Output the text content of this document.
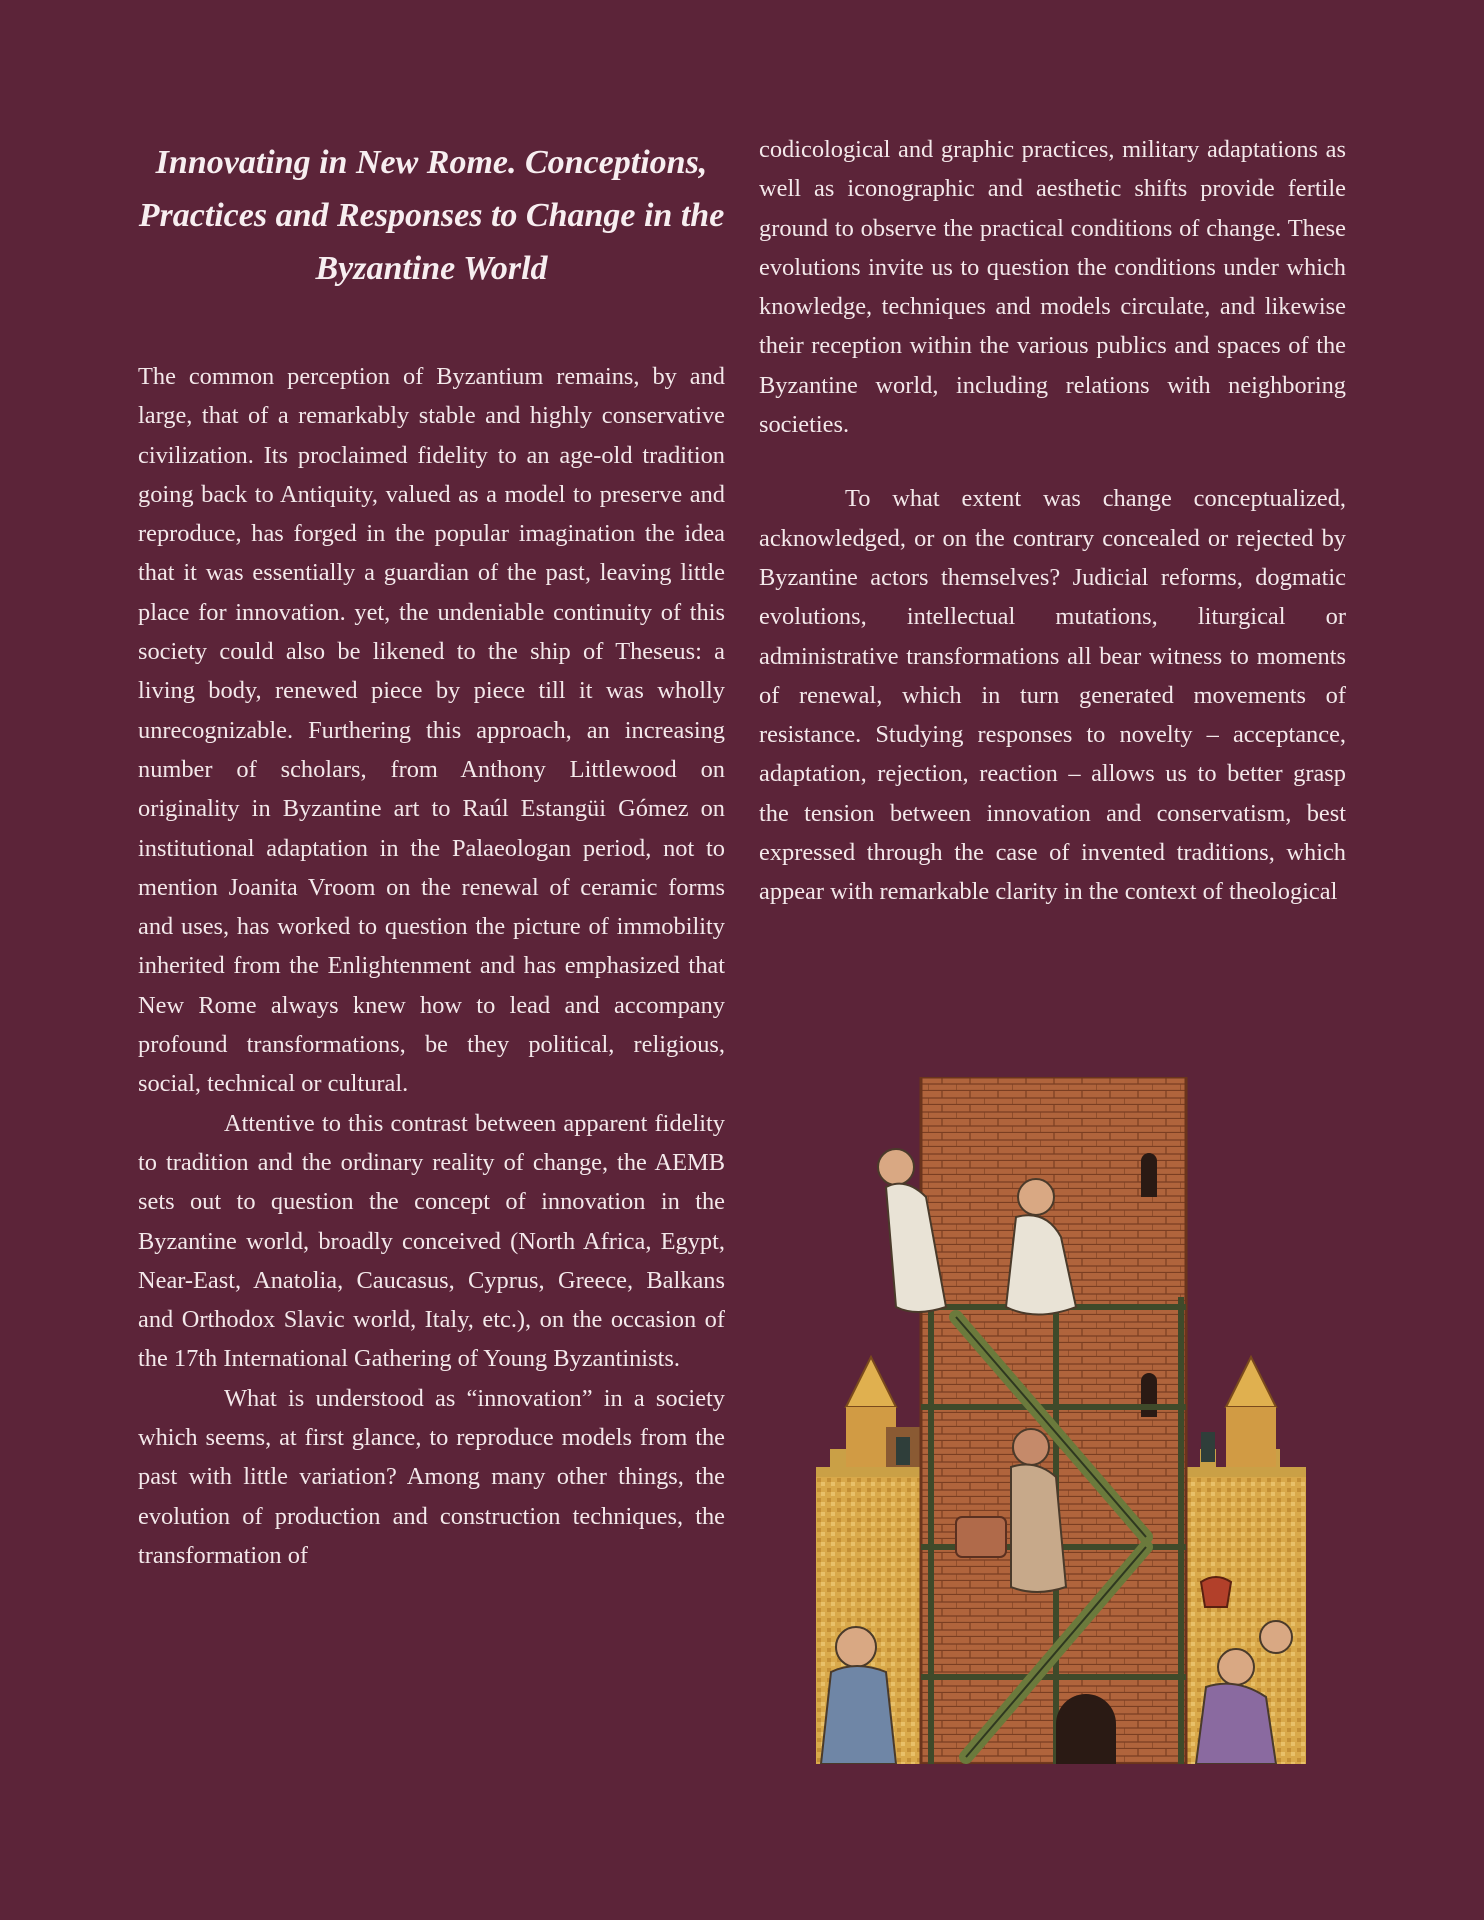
Innovating in New Rome. Conceptions, Practices and Responses to Change in the Byzantine World

The common perception of Byzantium remains, by and large, that of a remarkably stable and highly conservative civilization. Its proclaimed fidelity to an age-old tradition going back to Antiquity, valued as a model to preserve and reproduce, has forged in the popular imagination the idea that it was essentially a guardian of the past, leaving little place for innovation. yet, the undeniable continuity of this society could also be likened to the ship of Theseus: a living body, renewed piece by piece till it was wholly unrecognizable. Furthering this approach, an increasing number of scholars, from Anthony Littlewood on originality in Byzantine art to Raúl Estangüi Gómez on institutional adaptation in the Palaeologan period, not to mention Joanita Vroom on the renewal of ceramic forms and uses, has worked to question the picture of immobility inherited from the Enlightenment and has emphasized that New Rome always knew how to lead and accompany profound transformations, be they political, religious, social, technical or cultural.

Attentive to this contrast between apparent fidelity to tradition and the ordinary reality of change, the AEMB sets out to question the concept of innovation in the Byzantine world, broadly conceived (North Africa, Egypt, Near-East, Anatolia, Caucasus, Cyprus, Greece, Balkans and Orthodox Slavic world, Italy, etc.), on the occasion of the 17th International Gathering of Young Byzantinists.

What is understood as “innovation” in a society which seems, at first glance, to reproduce models from the past with little variation? Among many other things, the evolution of production and construction techniques, the transformation of

codicological and graphic practices, military adaptations as well as iconographic and aesthetic shifts provide fertile ground to observe the practical conditions of change. These evolutions invite us to question the conditions under which knowledge, techniques and models circulate, and likewise their reception within the various publics and spaces of the Byzantine world, including relations with neighboring societies.

To what extent was change conceptualized, acknowledged, or on the contrary concealed or rejected by Byzantine actors themselves? Judicial reforms, dogmatic evolutions, intellectual mutations, liturgical or administrative transformations all bear witness to moments of renewal, which in turn generated movements of resistance. Studying responses to novelty – acceptance, adaptation, rejection, reaction – allows us to better grasp the tension between innovation and conservatism, best expressed through the case of invented traditions, which appear with remarkable clarity in the context of theological
